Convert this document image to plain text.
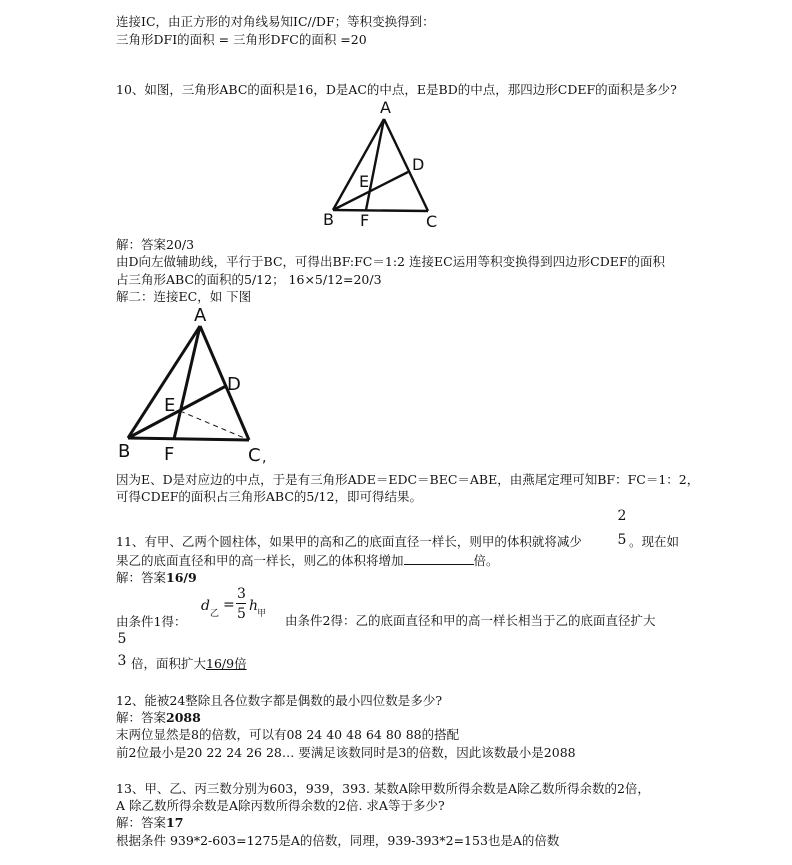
连接IC，由正方形的对角线易知IC//DF；等积变换得到：
三角形DFI的面积 = 三角形DFC的面积 =20
10、如图，三角形ABC的面积是16，D是AC的中点，E是BD的中点，那四边形CDEF的面积是多少?
A
B	C
D
E
F
解：答案20/3
由D向左做辅助线，平行于BC，可得出BF:FC＝1:2 连接EC运用等积变换得到四边形CDEF的面积
占三角形ABC的面积的5/12； 16×5/12=20/3
解二：连接EC，如 下图
A
B	C ,
D
E
F
因为E、D是对应边的中点，于是有三角形ADE＝EDC＝BEC＝ABE，由燕尾定理可知BF：FC＝1：2，
可得CDEF的面积占三角形ABC的5/12，即可得结果。
11、有甲、乙两个圆柱体，如果甲的高和乙的底面直径一样长，则甲的体积就将减少
2
5 。现在如
果乙的底面直径和甲的高一样长，则乙的体积将增加	倍。
解：答案16/9
由条件1得：
d 乙
=
3
5 h
甲 由条件2得：乙的底面直径和甲的高一样长相当于乙的底面直径扩大
5
3 倍，面积扩大16/9倍
12、能被24整除且各位数字都是偶数的最小四位数是多少?
解：答案2088
末两位显然是8的倍数，可以有08 24 40 48 64 80 88的搭配
前2位最小是20 22 24 26 28… 要满足该数同时是3的倍数，因此该数最小是2088
13、甲、乙、丙三数分别为603，939，393. 某数A除甲数所得余数是A除乙数所得余数的2倍，
A 除乙数所得余数是A除丙数所得余数的2倍. 求A等于多少?
解：答案17
根据条件 939*2-603=1275是A的倍数，同理，939-393*2=153也是A的倍数
